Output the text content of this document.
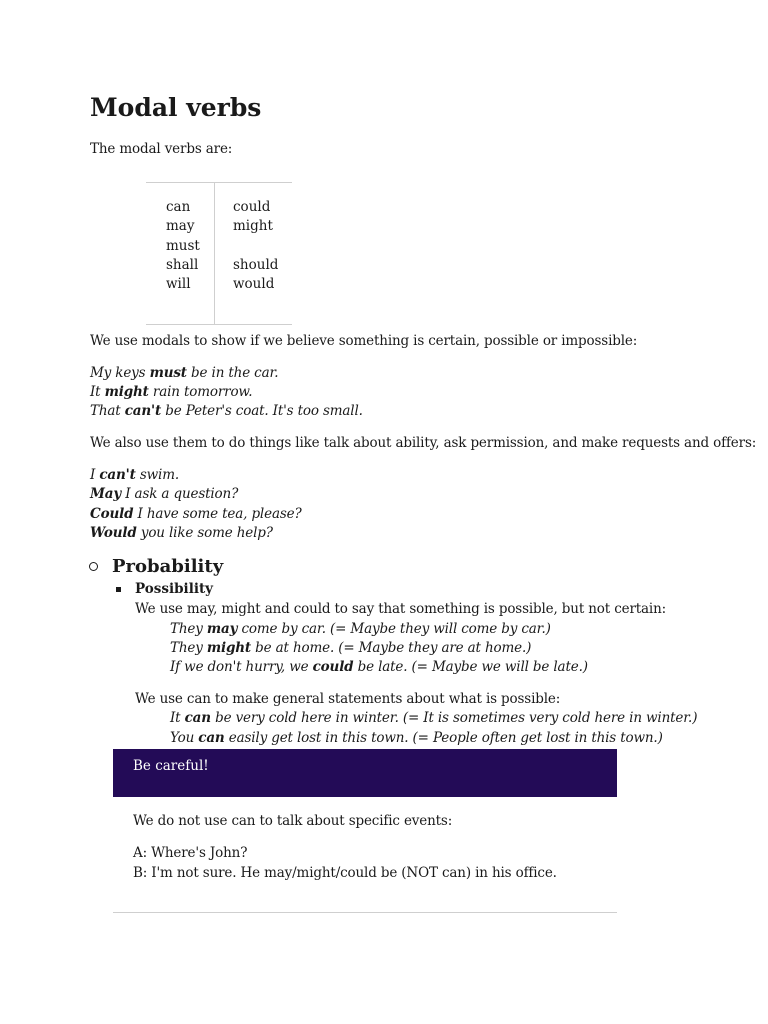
Modal verbs
The modal verbs are:
can
may
must
shall
will
could
might
should
would
We use modals to show if we believe something is certain, possible or impossible:
My keys must be in the car.
It might rain tomorrow.
That can't be Peter's coat. It's too small.
We also use them to do things like talk about ability, ask permission, and make requests and offers:
I can't swim.
May I ask a question?
Could I have some tea, please?
Would you like some help?
Probability
Possibility
We use may, might and could to say that something is possible, but not certain:
They may come by car. (= Maybe they will come by car.)
They might be at home. (= Maybe they are at home.)
If we don't hurry, we could be late. (= Maybe we will be late.)
We use can to make general statements about what is possible:
It can be very cold here in winter. (= It is sometimes very cold here in winter.)
You can easily get lost in this town. (= People often get lost in this town.)
Be careful!
We do not use can to talk about specific events:
A: Where's John?
B: I'm not sure. He may/might/could be (NOT can) in his office.
